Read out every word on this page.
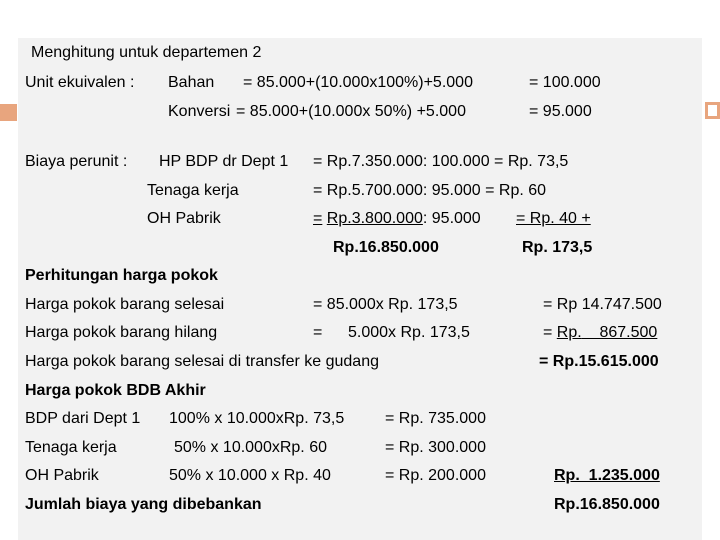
Menghitung untuk departemen 2
Unit ekuivalen : Bahan = 85.000+(10.000x100%)+5.000	= 100.000
Konversi = 85.000+(10.000x 50%) +5.000	= 95.000
Biaya perunit : HP BDP dr Dept 1 = Rp.7.350.000: 100.000 = Rp. 73,5
Tenaga kerja	= Rp.5.700.000: 95.000 = Rp. 60
OH Pabrik	= Rp.3.800.000: 95.000 = Rp. 40 +
Rp.16.850.000	Rp. 173,5
Perhitungan harga pokok
Harga pokok barang selesai	= 85.000x Rp. 173,5	= Rp 14.747.500
Harga pokok barang hilang	= 5.000x Rp. 173,5	= Rp.    867.500
Harga pokok barang selesai di transfer ke gudang	= Rp.15.615.000
Harga pokok BDB Akhir
BDP dari Dept 1 100% x 10.000xRp. 73,5	= Rp. 735.000
Tenaga kerja	50% x 10.000xRp. 60	= Rp. 300.000
OH Pabrik	50% x 10.000 x Rp. 40	= Rp. 200.000	Rp.  1.235.000
Jumlah biaya yang dibebankan	Rp.16.850.000
